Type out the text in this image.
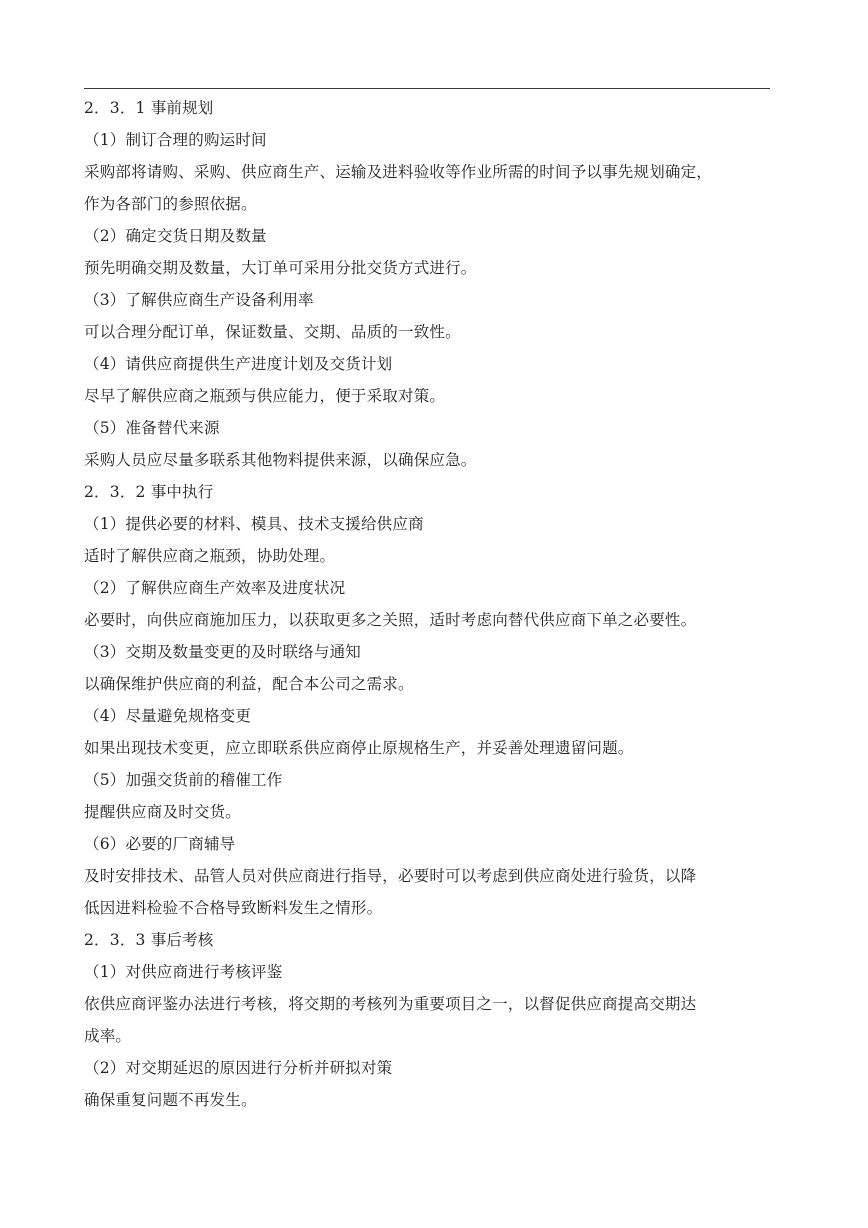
2．3．1 事前规划
（1）制订合理的购运时间
采购部将请购、采购、供应商生产、运输及进料验收等作业所需的时间予以事先规划确定，
作为各部门的参照依据。
（2）确定交货日期及数量
预先明确交期及数量，大订单可采用分批交货方式进行。
（3）了解供应商生产设备利用率
可以合理分配订单，保证数量、交期、品质的一致性。
（4）请供应商提供生产进度计划及交货计划
尽早了解供应商之瓶颈与供应能力，便于采取对策。
（5）准备替代来源
采购人员应尽量多联系其他物料提供来源，以确保应急。
2．3．2 事中执行
（1）提供必要的材料、模具、技术支援给供应商
适时了解供应商之瓶颈，协助处理。
（2）了解供应商生产效率及进度状况
必要时，向供应商施加压力，以获取更多之关照，适时考虑向替代供应商下单之必要性。
（3）交期及数量变更的及时联络与通知
以确保维护供应商的利益，配合本公司之需求。
（4）尽量避免规格变更
如果出现技术变更，应立即联系供应商停止原规格生产，并妥善处理遗留问题。
（5）加强交货前的稽催工作
提醒供应商及时交货。
（6）必要的厂商辅导
及时安排技术、品管人员对供应商进行指导，必要时可以考虑到供应商处进行验货，以降
低因进料检验不合格导致断料发生之情形。
2．3．3 事后考核
（1）对供应商进行考核评鉴
依供应商评鉴办法进行考核，将交期的考核列为重要项目之一，以督促供应商提高交期达
成率。
（2）对交期延迟的原因进行分析并研拟对策
确保重复问题不再发生。
